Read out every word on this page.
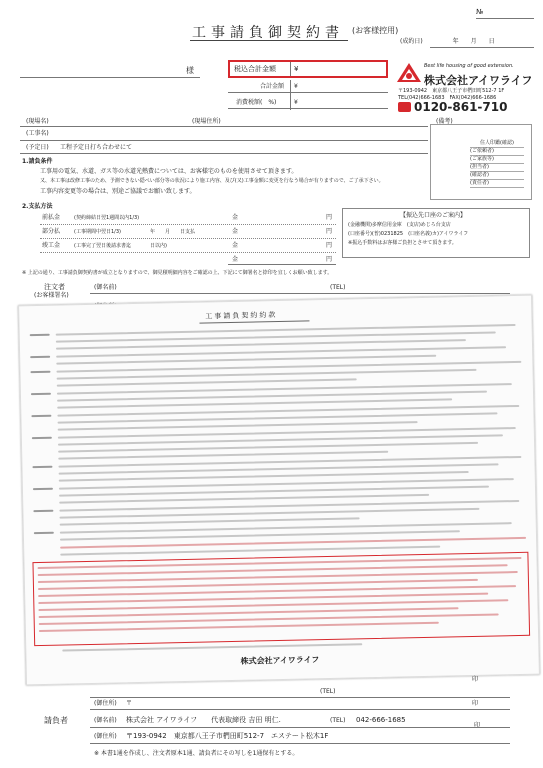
№
工事請負御契約書 (お客様控用)
(成約日)　　　　　年　　月　　日
様	税込合計金額	¥
合計金額 ¥
消費税額(　%)	¥
Best life housing of good extension.
株式会社アイワライフ
〒193-0942　東京都八王子市椚田町512-7 1F
TEL(042)666-1683　FAX(042)666-1686
0120-861-710
(現場名)	(現場住所)	(備考)
(工事名)
(予定日) 工程予定日打ち合わせにて
住人印鑑(確認)
(ご依頼者)
(ご家族等)
(担当者)
(確認者)
(責任者)
1.請負条件
工事用の電気、水道、ガス等の水道光熱費については、お客様宅のものを使用させて頂きます。
又、本工事は改修工事のため、予測できない隠ぺい部分等の状況により施工内容、及び(又)工事金額に変更を行なう場合が有りますので、ご了承下さい。
工事内容変更等の場合は、別途ご協議でお願い致します。
2.支払方法
前払金	(契約締結日翌1週間以内1/3)	金	円
部分払	(工事期間中翌日1/3)	年　　月　　日支払	金	円
竣工金	(工事完了翌日後請求書迄	日以内)	金	円
金	円
【振込先口座のご案内】
(金融機関)多摩信用金庫　(支店)めじろ台支店
(口座番号)(普)0231825　(口座名義)カ)アイワライフ
※振込手数料はお客様ご負担とさせて頂きます。
※ 上記の通り、工事請負御契約書が成立となりますので、御見積明細内容をご確認の上、下記にて御署名と捺印を宜しくお願い致します。
注文者
(お客様署名)
(御名前)	(TEL)
工事請負契約約款
株式会社アイワライフ
(TEL)
印
(御住所) 〒	印
請負者	(御名前) 株式会社 アイワライフ　　代表取締役 吉田 明仁.	(TEL) 042-666-1685
印
(御住所) 〒193-0942　東京都八王子市椚田町512-7　エステート松木1F
※ 本書1通を作成し、注文者原本1通、請負者にその写しを1通保有とする。
